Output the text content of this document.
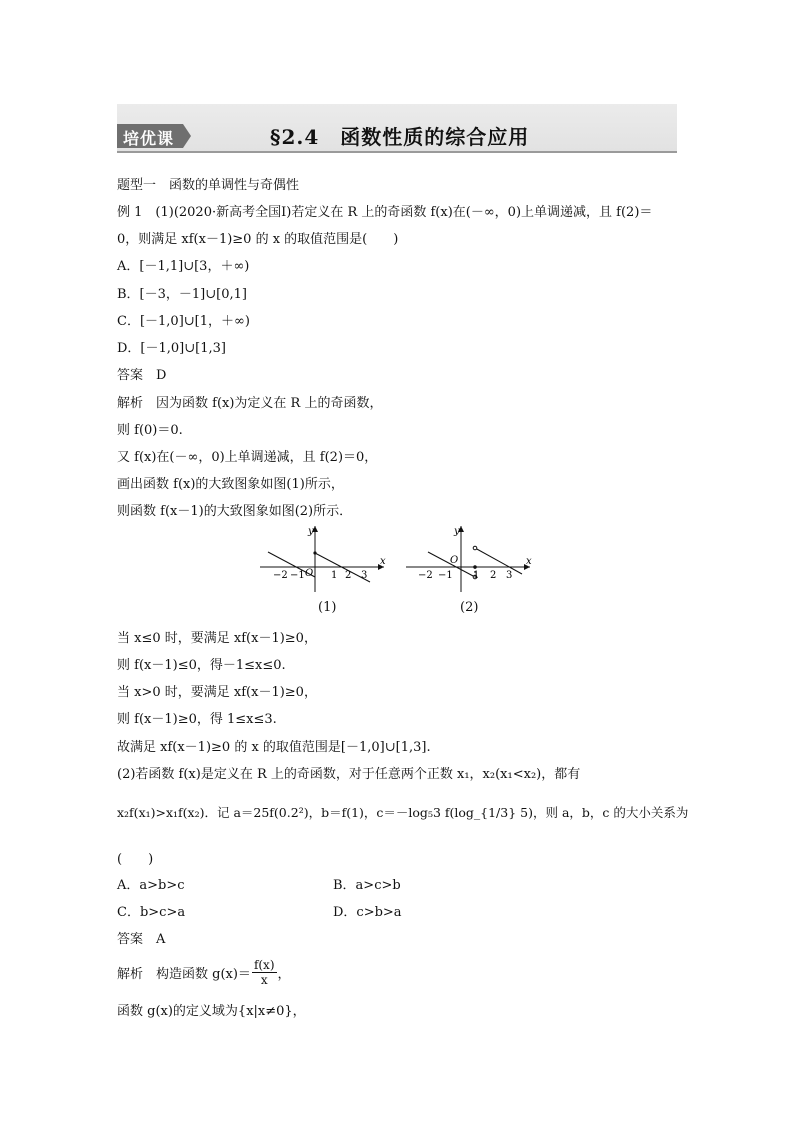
培优课	§2.4　函数性质的综合应用
题型一　函数的单调性与奇偶性
例 1　(1)(2020·新高考全国Ⅰ)若定义在 R 上的奇函数 f(x)在(－∞，0)上单调递减，且 f(2)＝
0，则满足 xf(x－1)≥0 的 x 的取值范围是(　　)
A．[－1,1]∪[3，＋∞)
B．[－3，－1]∪[0,1]
C．[－1,0]∪[1，＋∞)
D．[－1,0]∪[1,3]
答案　D
解析　因为函数 f(x)为定义在 R 上的奇函数，
则 f(0)＝0.
又 f(x)在(－∞，0)上单调递减，且 f(2)＝0，
画出函数 f(x)的大致图象如图(1)所示，
则函数 f(x－1)的大致图象如图(2)所示．
−2 −1 O 1 2 3
x
y
−2 −1
O
1 2 3
x
y
(1)	(2)
当 x≤0 时，要满足 xf(x－1)≥0，
则 f(x－1)≤0，得－1≤x≤0.
当 x>0 时，要满足 xf(x－1)≥0，
则 f(x－1)≥0，得 1≤x≤3.
故满足 xf(x－1)≥0 的 x 的取值范围是[－1,0]∪[1,3].
(2)若函数 f(x)是定义在 R 上的奇函数，对于任意两个正数 x₁，x₂(x₁<x₂)，都有
x₂f(x₁)>x₁f(x₂)．记 a＝25f(0.2²)，b＝f(1)，c＝－log₅3 f(log_{1/3} 5)，则 a，b，c 的大小关系为
(　　)
A．a>b>c	B．a>c>b
C．b>c>a	D．c>b>a
答案　A
解析　构造函数 $g(x)= \frac{f(x)}{x}$ ，
函数 g(x)的定义域为{x|x≠0}，
